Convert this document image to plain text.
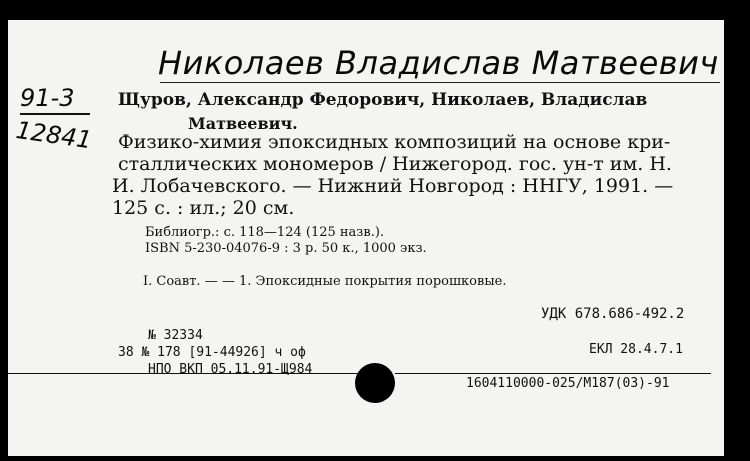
Николаев Владислав Матвеевич
91-3
12841
Щуров, Александр Федорович, Николаев, Владислав
Матвеевич.
Физико-химия эпоксидных композиций на основе кри-
сталлических мономеров / Нижегород. гос. ун-т им. Н.
И. Лобачевского. — Нижний Новгород : ННГУ, 1991. —
125 с. : ил.; 20 см.
Библиогр.: с. 118—124 (125 назв.).
ISBN 5-230-04076-9 : 3 р. 50 к., 1000 экз.
I. Соавт. — — 1. Эпоксидные покрытия порошковые.
УДК 678.686-492.2
№ 32334
38 № 178 [91-44926] ч оф	ЕКЛ 28.4.7.1
НПО ВКП 05.11.91-Щ984
1604110000-025/М187(03)-91
